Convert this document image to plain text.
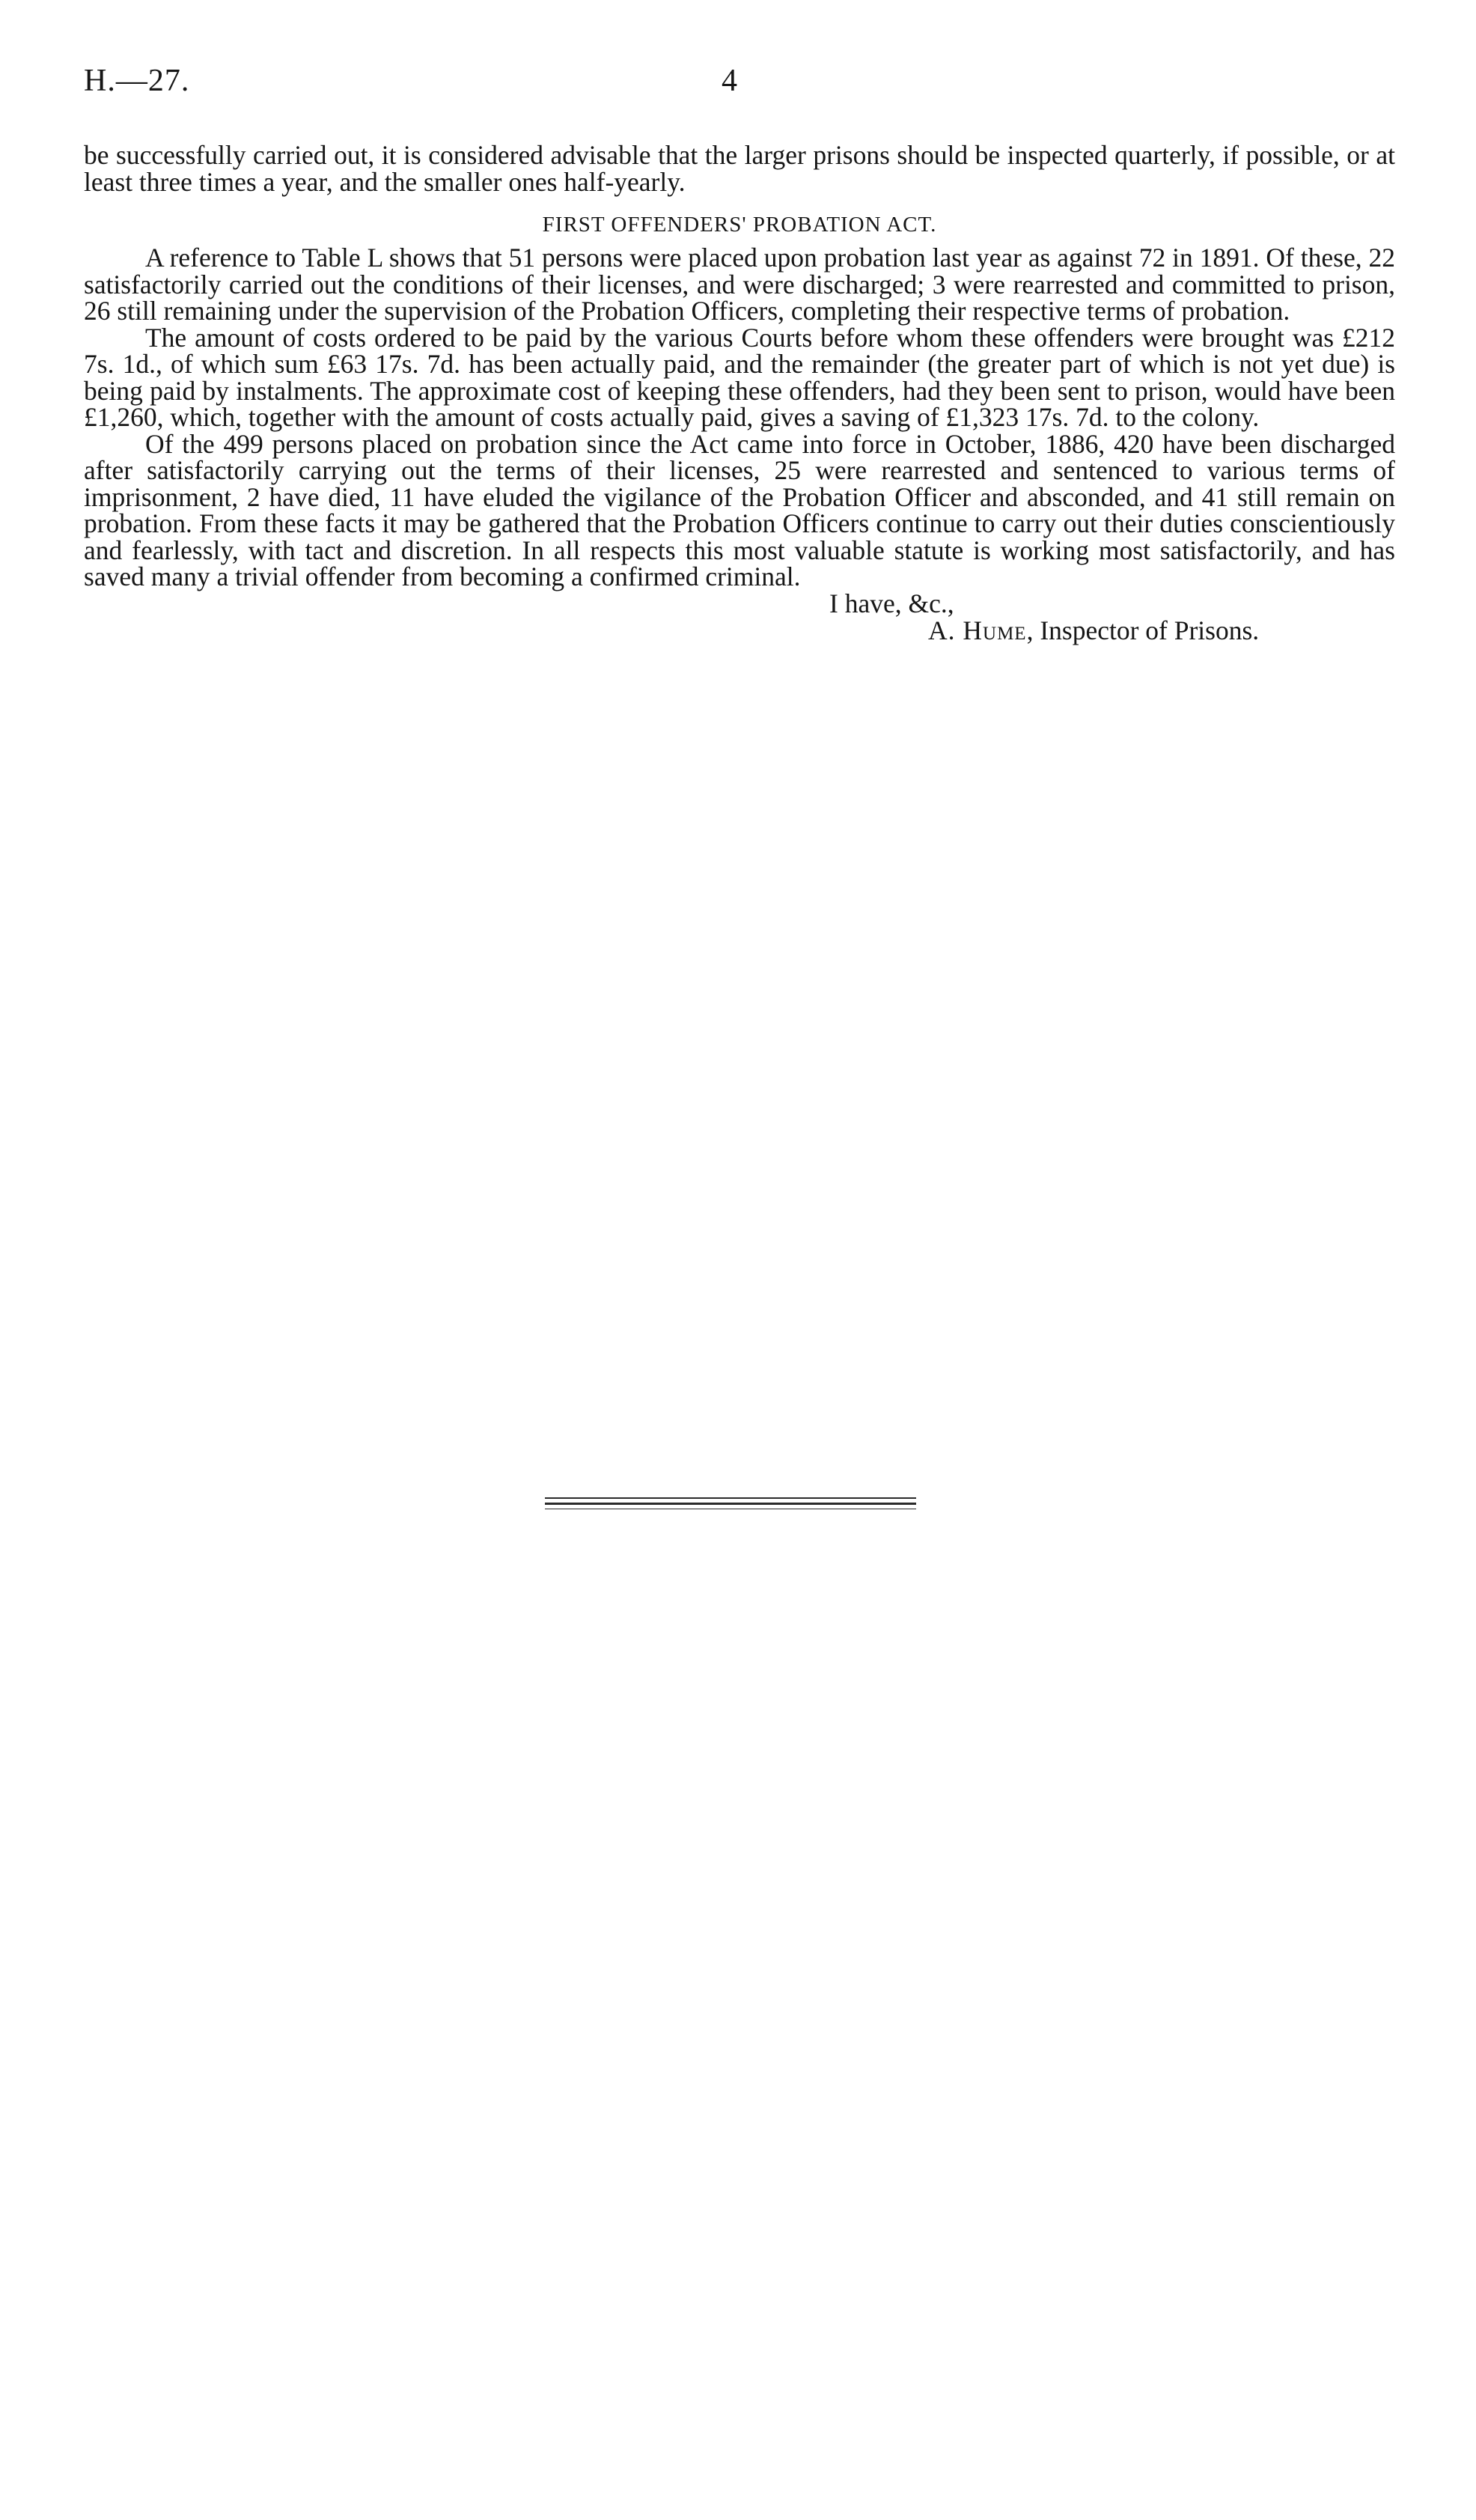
H.—27.	4

be successfully carried out, it is considered advisable that the larger prisons should be inspected quarterly, if possible, or at least three times a year, and the smaller ones half-yearly.

FIRST OFFENDERS' PROBATION ACT.

A reference to Table L shows that 51 persons were placed upon probation last year as against 72 in 1891. Of these, 22 satisfactorily carried out the conditions of their licenses, and were discharged; 3 were rearrested and committed to prison, 26 still remaining under the supervision of the Probation Officers, completing their respective terms of probation.

The amount of costs ordered to be paid by the various Courts before whom these offenders were brought was £212 7s. 1d., of which sum £63 17s. 7d. has been actually paid, and the remainder (the greater part of which is not yet due) is being paid by instalments. The approximate cost of keeping these offenders, had they been sent to prison, would have been £1,260, which, together with the amount of costs actually paid, gives a saving of £1,323 17s. 7d. to the colony.

Of the 499 persons placed on probation since the Act came into force in October, 1886, 420 have been discharged after satisfactorily carrying out the terms of their licenses, 25 were rearrested and sentenced to various terms of imprisonment, 2 have died, 11 have eluded the vigilance of the Probation Officer and absconded, and 41 still remain on probation. From these facts it may be gathered that the Probation Officers continue to carry out their duties conscientiously and fearlessly, with tact and discretion. In all respects this most valuable statute is working most satisfactorily, and has saved many a trivial offender from becoming a confirmed criminal.

I have, &c.,

A. Hume, Inspector of Prisons.
